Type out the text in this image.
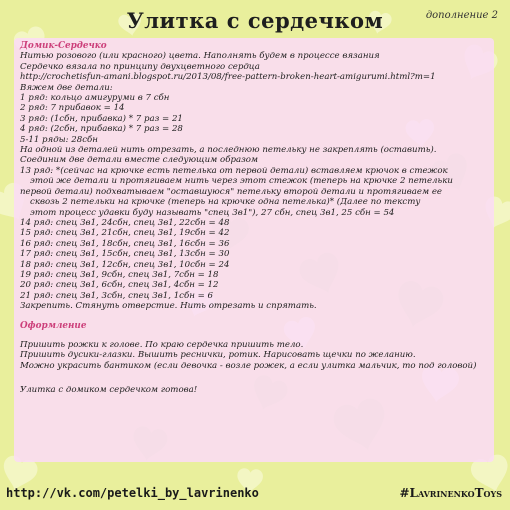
Улитка с сердечком	дополнение 2

Домик-Сердечко

Нитью розового (или красного) цвета. Наполнять будем в процессе вязания

Сердечко вязала по принципу двухцветного сердца

http://crochetisfun-amani.blogspot.ru/2013/08/free-pattern-broken-heart-amigurumi.html?m=1

Вяжем две детали:

1 ряд: кольцо амигуруми в 7 сбн

2 ряд: 7 прибавок = 14

3 ряд: (1сбн, прибавка) * 7 раз = 21

4 ряд: (2сбн, прибавка) * 7 раз = 28

5-11 ряды: 28сбн

На одной из деталей нить отрезать, а последнюю петельку не закреплять (оставить).

Соединим две детали вместе следующим образом

13 ряд: *(сейчас на крючке есть петелька от первой детали) вставляем крючок в стежок

этой же детали и протягиваем нить через этот стежок (теперь на крючке 2 петельки

первой детали) подхватываем "оставшуюся" петельку второй детали и протягиваем ее

сквозь 2 петельки на крючке (теперь на крючке одна петелька)* (Далее по тексту

этот процесс удавки буду называть "спец 3в1"), 27 сбн, спец 3в1, 25 сбн = 54

14 ряд: спец 3в1, 24сбн, спец 3в1, 22сбн = 48

15 ряд: спец 3в1, 21сбн, спец 3в1, 19сбн = 42

16 ряд: спец 3в1, 18сбн, спец 3в1, 16сбн = 36

17 ряд: спец 3в1, 15сбн, спец 3в1, 13сбн = 30

18 ряд: спец 3в1, 12сбн, спец 3в1, 10сбн = 24

19 ряд: спец 3в1, 9сбн, спец 3в1, 7сбн = 18

20 ряд: спец 3в1, 6сбн, спец 3в1, 4сбн = 12

21 ряд: спец 3в1, 3сбн, спец 3в1, 1сбн = 6

Закрепить. Стянуть отверстие. Нить отрезать и спрятать.

Оформление

Пришить рожки к голове. По краю сердечка пришить тело.

Пришить дусики-глазки. Вышить реснички, ротик. Нарисовать щечки по желанию.

Можно украсить бантиком (если девочка - возле рожек, а если улитка мальчик, то под головой)

Улитка с домиком сердечком готова!

http://vk.com/petelki_by_lavrinenko	#LavrinenkoToys
